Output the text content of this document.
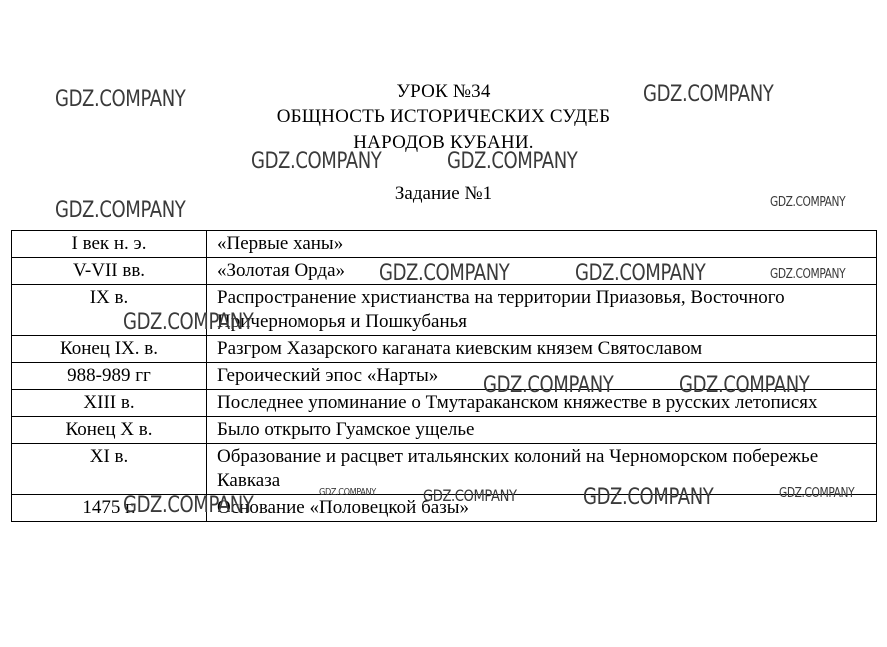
УРОК №34
ОБЩНОСТЬ ИСТОРИЧЕСКИХ СУДЕБ
НАРОДОВ КУБАНИ.
Задание №1
I век н. э.	«Первые ханы»
V-VII вв.	«Золотая Орда»
IX в.	Распространение христианства на территории Приазовья, Восточного Причерноморья и Пошкубанья
Конец IX. в.	Разгром Хазарского каганата киевским князем Святославом
988-989 гг	Героический эпос «Нарты»
XIII в.	Последнее упоминание о Тмутараканском княжестве в русских летописях
Конец X в.	Было открыто Гуамское ущелье
XI в.	Образование и расцвет итальянских колоний на Черноморском побережье Кавказа
1475 г.	Основание «Половецкой базы»
GDZ.COMPANY	GDZ.COMPANY
GDZ.COMPANY	GDZ.COMPANY
GDZ.COMPANY	GDZ.COMPANY
GDZ.COMPANY	GDZ.COMPANY	GDZ.COMPANY
GDZ.COMPANY
GDZ.COMPANY	GDZ.COMPANY
GDZ.COMPANY	GDZ.COMPANY	GDZ.COMPANY	GDZ.COMPANY
GDZ.COMPANY
